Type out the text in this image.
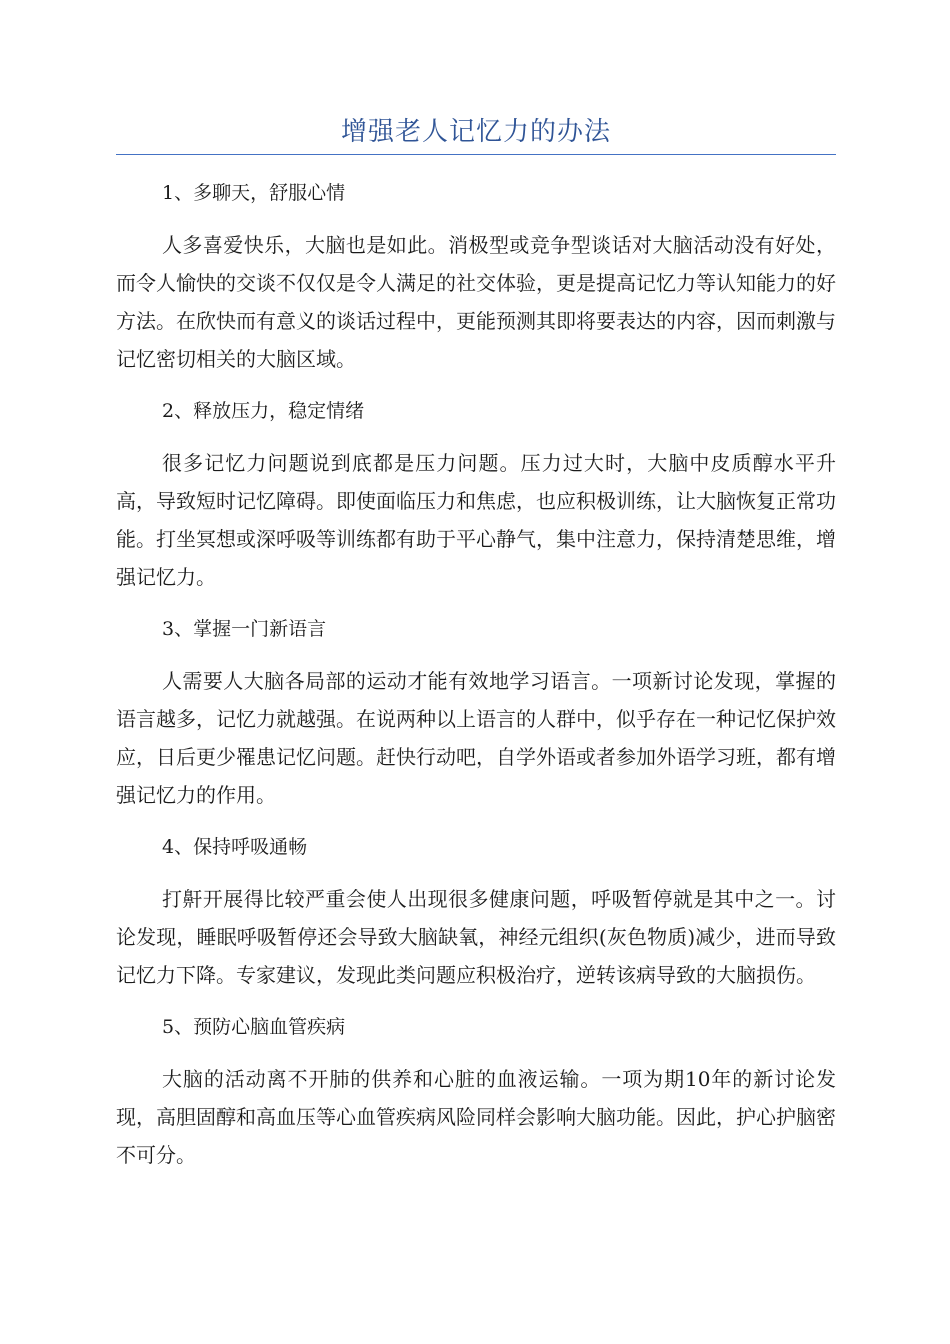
增强老人记忆力的办法

1、多聊天，舒服心情

人多喜爱快乐，大脑也是如此。消极型或竞争型谈话对大脑活动没有好处，而令人愉快的交谈不仅仅是令人满足的社交体验，更是提高记忆力等认知能力的好方法。在欣快而有意义的谈话过程中，更能预测其即将要表达的内容，因而刺激与记忆密切相关的大脑区域。

2、释放压力，稳定情绪

很多记忆力问题说到底都是压力问题。压力过大时，大脑中皮质醇水平升高，导致短时记忆障碍。即使面临压力和焦虑，也应积极训练，让大脑恢复正常功能。打坐冥想或深呼吸等训练都有助于平心静气，集中注意力，保持清楚思维，增强记忆力。

3、掌握一门新语言

人需要人大脑各局部的运动才能有效地学习语言。一项新讨论发现，掌握的语言越多，记忆力就越强。在说两种以上语言的人群中，似乎存在一种记忆保护效应，日后更少罹患记忆问题。赶快行动吧，自学外语或者参加外语学习班，都有增强记忆力的作用。

4、保持呼吸通畅

打鼾开展得比较严重会使人出现很多健康问题，呼吸暂停就是其中之一。讨论发现，睡眠呼吸暂停还会导致大脑缺氧，神经元组织(灰色物质)减少，进而导致记忆力下降。专家建议，发现此类问题应积极治疗，逆转该病导致的大脑损伤。

5、预防心脑血管疾病

大脑的活动离不开肺的供养和心脏的血液运输。一项为期10年的新讨论发现，高胆固醇和高血压等心血管疾病风险同样会影响大脑功能。因此，护心护脑密不可分。
